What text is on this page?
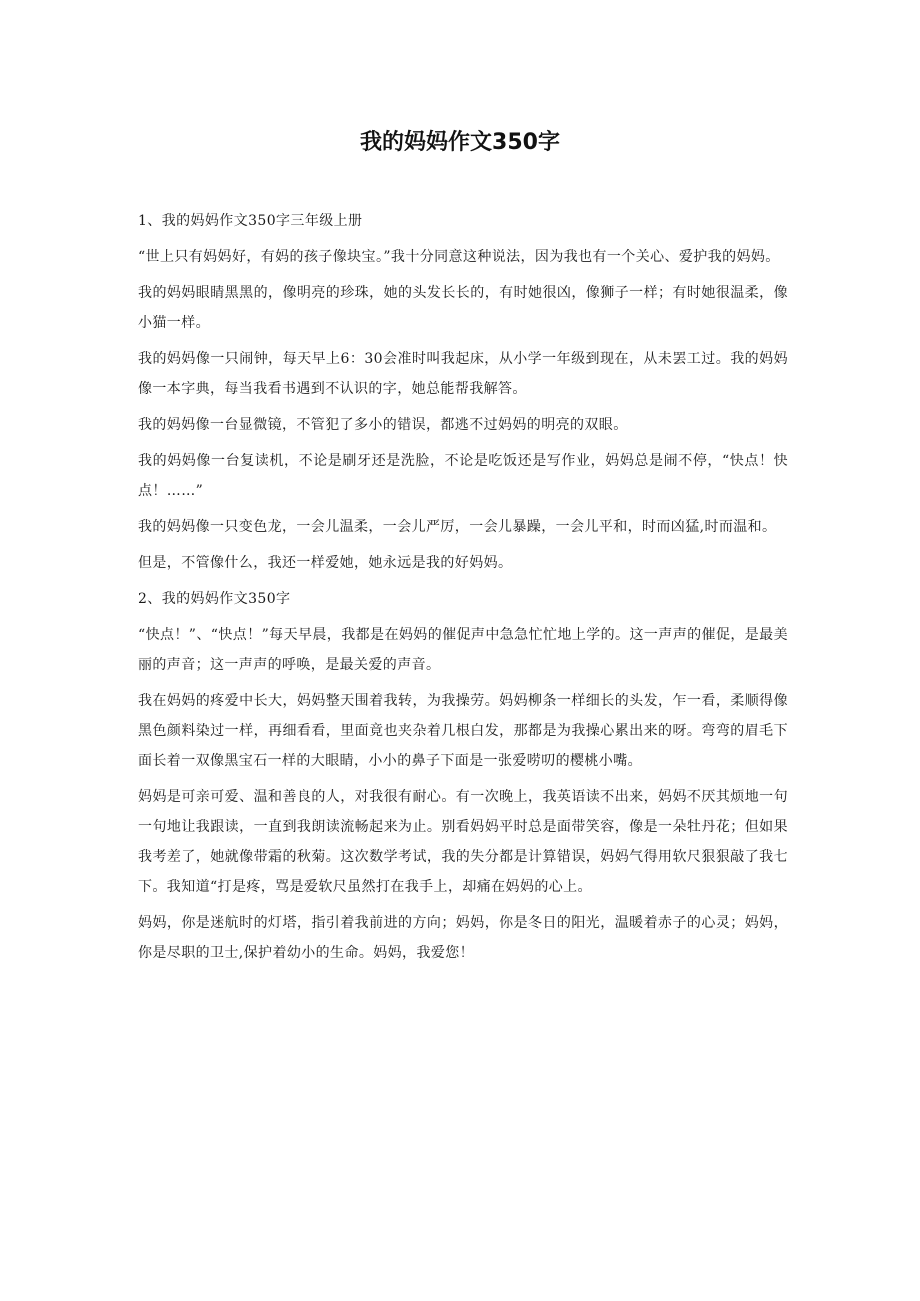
我的妈妈作文350字

1、我的妈妈作文350字三年级上册

“世上只有妈妈好，有妈的孩子像块宝。”我十分同意这种说法，因为我也有一个关心、爱护我的妈妈。

我的妈妈眼睛黑黑的，像明亮的珍珠，她的头发长长的，有时她很凶，像狮子一样；有时她很温柔，像小猫一样。

我的妈妈像一只闹钟，每天早上6：30会准时叫我起床，从小学一年级到现在，从未罢工过。我的妈妈像一本字典，每当我看书遇到不认识的字，她总能帮我解答。

我的妈妈像一台显微镜，不管犯了多小的错误，都逃不过妈妈的明亮的双眼。

我的妈妈像一台复读机，不论是刷牙还是洗脸，不论是吃饭还是写作业，妈妈总是闹不停，“快点！快点！……”

我的妈妈像一只变色龙，一会儿温柔，一会儿严厉，一会儿暴躁，一会儿平和，时而凶猛,时而温和。

但是，不管像什么，我还一样爱她，她永远是我的好妈妈。

2、我的妈妈作文350字

“快点！”、“快点！”每天早晨，我都是在妈妈的催促声中急急忙忙地上学的。这一声声的催促，是最美丽的声音；这一声声的呼唤，是最关爱的声音。

我在妈妈的疼爱中长大，妈妈整天围着我转，为我操劳。妈妈柳条一样细长的头发，乍一看，柔顺得像黑色颜料染过一样，再细看看，里面竟也夹杂着几根白发，那都是为我操心累出来的呀。弯弯的眉毛下面长着一双像黑宝石一样的大眼睛，小小的鼻子下面是一张爱唠叨的樱桃小嘴。

妈妈是可亲可爱、温和善良的人，对我很有耐心。有一次晚上，我英语读不出来，妈妈不厌其烦地一句一句地让我跟读，一直到我朗读流畅起来为止。别看妈妈平时总是面带笑容，像是一朵牡丹花；但如果我考差了，她就像带霜的秋菊。这次数学考试，我的失分都是计算错误，妈妈气得用软尺狠狠敲了我七下。我知道“打是疼，骂是爱软尺虽然打在我手上，却痛在妈妈的心上。

妈妈，你是迷航时的灯塔，指引着我前进的方向；妈妈，你是冬日的阳光，温暖着赤子的心灵；妈妈，你是尽职的卫士,保护着幼小的生命。妈妈，我爱您！
